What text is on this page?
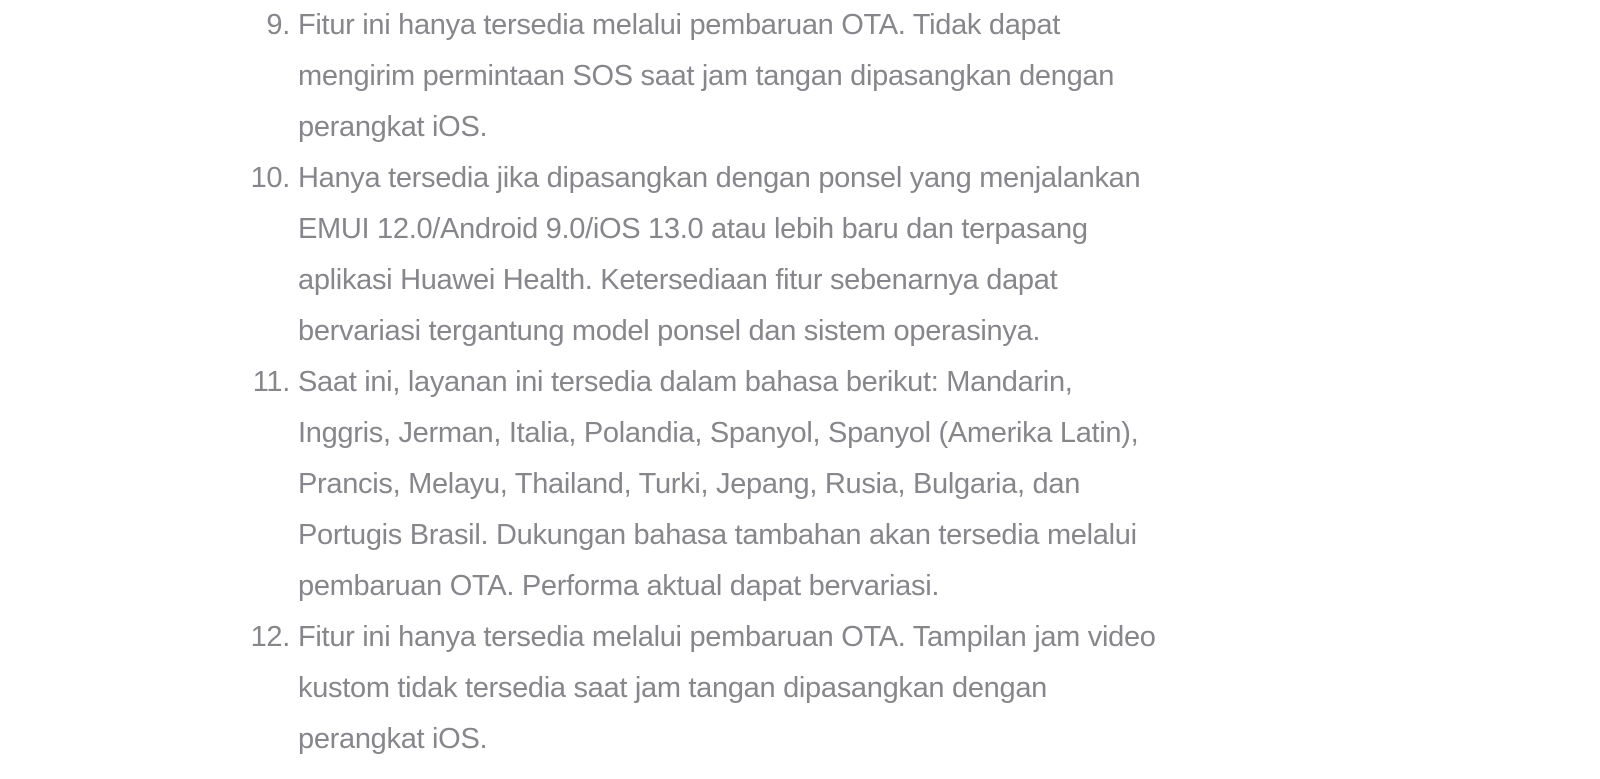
9. Fitur ini hanya tersedia melalui pembaruan OTA. Tidak dapat
mengirim permintaan SOS saat jam tangan dipasangkan dengan
perangkat iOS.
10. Hanya tersedia jika dipasangkan dengan ponsel yang menjalankan
EMUI 12.0/Android 9.0/iOS 13.0 atau lebih baru dan terpasang
aplikasi Huawei Health. Ketersediaan fitur sebenarnya dapat
bervariasi tergantung model ponsel dan sistem operasinya.
11. Saat ini, layanan ini tersedia dalam bahasa berikut: Mandarin,
Inggris, Jerman, Italia, Polandia, Spanyol, Spanyol (Amerika Latin),
Prancis, Melayu, Thailand, Turki, Jepang, Rusia, Bulgaria, dan
Portugis Brasil. Dukungan bahasa tambahan akan tersedia melalui
pembaruan OTA. Performa aktual dapat bervariasi.
12. Fitur ini hanya tersedia melalui pembaruan OTA. Tampilan jam video
kustom tidak tersedia saat jam tangan dipasangkan dengan
perangkat iOS.
